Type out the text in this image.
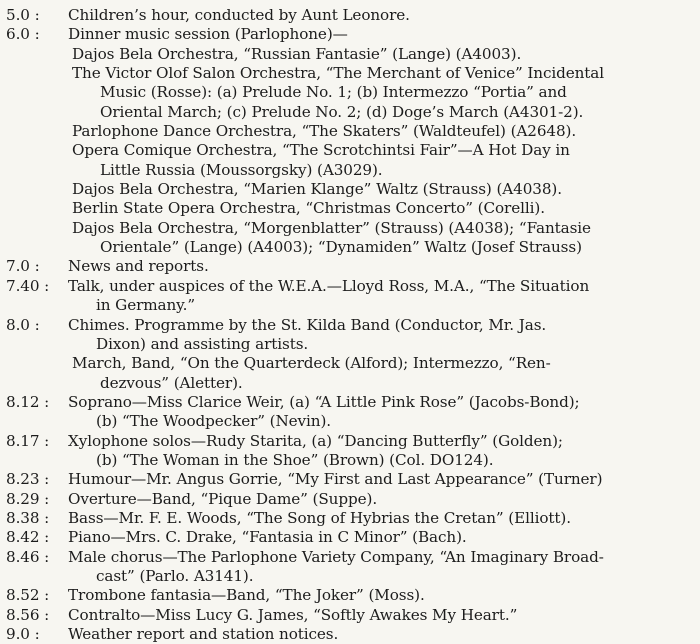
5.0 :	Children’s hour, conducted by Aunt Leonore.
6.0 :	Dinner music session (Parlophone)—
Dajos Bela Orchestra, “Russian Fantasie” (Lange) (A4003).
The Victor Olof Salon Orchestra, “The Merchant of Venice” Incidental
Music (Rosse): (a) Prelude No. 1; (b) Intermezzo “Portia” and
Oriental March; (c) Prelude No. 2; (d) Doge’s March (A4301-2).
Parlophone Dance Orchestra, “The Skaters” (Waldteufel) (A2648).
Opera Comique Orchestra, “The Scrotchintsi Fair”—A Hot Day in
Little Russia (Moussorgsky) (A3029).
Dajos Bela Orchestra, “Marien Klange” Waltz (Strauss) (A4038).
Berlin State Opera Orchestra, “Christmas Concerto” (Corelli).
Dajos Bela Orchestra, “Morgenblatter” (Strauss) (A4038); “Fantasie
Orientale” (Lange) (A4003); “Dynamiden” Waltz (Josef Strauss)
7.0 :	News and reports.
7.40 :	Talk, under auspices of the W.E.A.—Lloyd Ross, M.A., “The Situation
in Germany.”
8.0 :	Chimes. Programme by the St. Kilda Band (Conductor, Mr. Jas.
Dixon) and assisting artists.
March, Band, “On the Quarterdeck (Alford); Intermezzo, “Ren-
dezvous” (Aletter).
8.12 :	Soprano—Miss Clarice Weir, (a) “A Little Pink Rose” (Jacobs-Bond);
(b) “The Woodpecker” (Nevin).
8.17 :	Xylophone solos—Rudy Starita, (a) “Dancing Butterfly” (Golden);
(b) “The Woman in the Shoe” (Brown) (Col. DO124).
8.23 :	Humour—Mr. Angus Gorrie, “My First and Last Appearance” (Turner)
8.29 :	Overture—Band, “Pique Dame” (Suppe).
8.38 :	Bass—Mr. F. E. Woods, “The Song of Hybrias the Cretan” (Elliott).
8.42 :	Piano—Mrs. C. Drake, “Fantasia in C Minor” (Bach).
8.46 :	Male chorus—The Parlophone Variety Company, “An Imaginary Broad-
cast” (Parlo. A3141).
8.52 :	Trombone fantasia—Band, “The Joker” (Moss).
8.56 :	Contralto—Miss Lucy G. James, “Softly Awakes My Heart.”
9.0 :	Weather report and station notices.
